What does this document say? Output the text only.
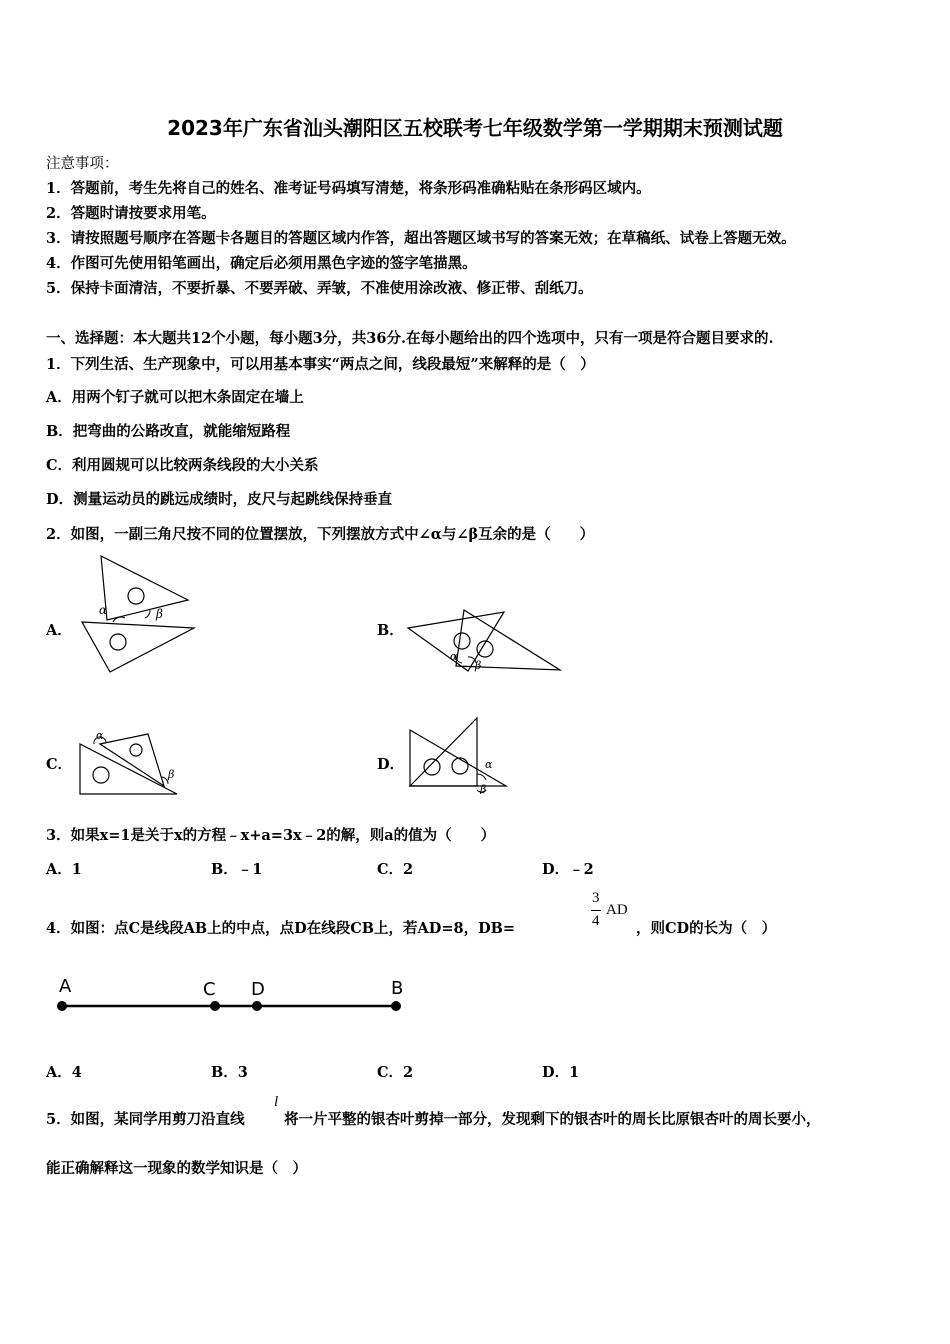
2023年广东省汕头潮阳区五校联考七年级数学第一学期期末预测试题
注意事项：
1．答题前，考生先将自己的姓名、准考证号码填写清楚，将条形码准确粘贴在条形码区域内。
2．答题时请按要求用笔。
3．请按照题号顺序在答题卡各题目的答题区域内作答，超出答题区域书写的答案无效；在草稿纸、试卷上答题无效。
4．作图可先使用铅笔画出，确定后必须用黑色字迹的签字笔描黑。
5．保持卡面清洁，不要折暴、不要弄破、弄皱，不准使用涂改液、修正带、刮纸刀。
一、选择题：本大题共12个小题，每小题3分，共36分.在每小题给出的四个选项中，只有一项是符合题目要求的.
1．下列生活、生产现象中，可以用基本事实“两点之间，线段最短”来解释的是（　）
A．用两个钉子就可以把木条固定在墙上
B．把弯曲的公路改直，就能缩短路程
C．利用圆规可以比较两条线段的大小关系
D．测量运动员的跳远成绩时，皮尺与起跳线保持垂直
2．如图，一副三角尺按不同的位置摆放，下列摆放方式中∠α与∠β互余的是（　　）
A．	B．
C．	D．
α	β
α
β
α
β
α
β
3．如果x=1是关于x的方程﹣x+a=3x﹣2的解，则a的值为（　　）
A．1	B．﹣1	C．2	D．﹣2
4．如图：点C是线段AB上的中点，点D在线段CB上，若AD=8，DB=
3
4
AD
，则CD的长为（　）
A	C D	B
A．4	B．3	C．2	D．1
5．如图，某同学用剪刀沿直线
l
将一片平整的银杏叶剪掉一部分，发现剩下的银杏叶的周长比原银杏叶的周长要小，
能正确解释这一现象的数学知识是（　）
